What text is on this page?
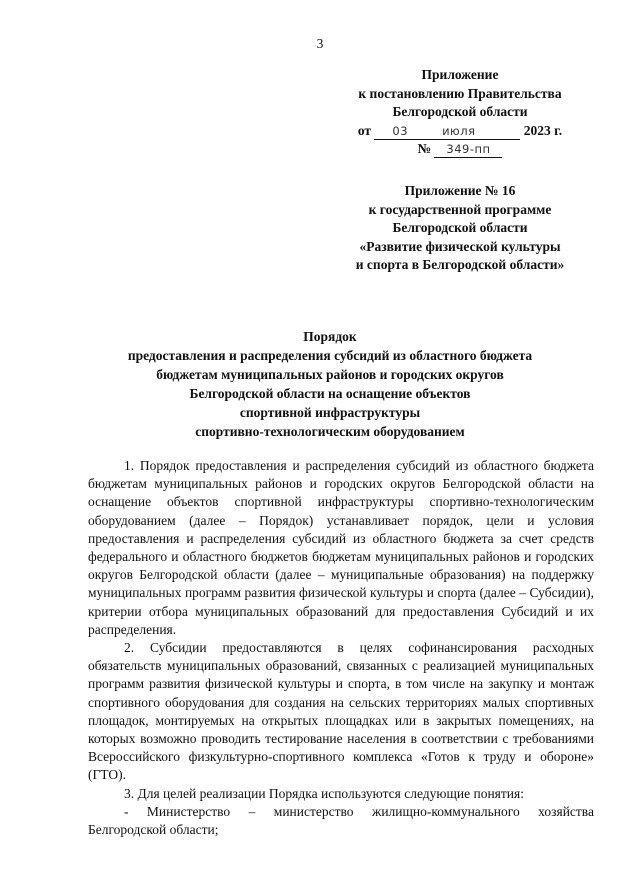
3
Приложение
к постановлению Правительства
Белгородской области
от 03	июля	2023 г.
№ 349-пп
Приложение № 16
к государственной программе
Белгородской области
«Развитие физической культуры
и спорта в Белгородской области»
Порядок
предоставления и распределения субсидий из областного бюджета
бюджетам муниципальных районов и городских округов
Белгородской области на оснащение объектов
спортивной инфраструктуры
спортивно-технологическим оборудованием

1. Порядок предоставления и распределения субсидий из областного бюджета бюджетам муниципальных районов и городских округов Белгородской области на оснащение объектов спортивной инфраструктуры спортивно-технологическим оборудованием (далее – Порядок) устанавливает порядок, цели и условия предоставления и распределения субсидий из областного бюджета за счет средств федерального и областного бюджетов бюджетам муниципальных районов и городских округов Белгородской области (далее – муниципальные образования) на поддержку муниципальных программ развития физической культуры и спорта (далее – Субсидии), критерии отбора муниципальных образований для предоставления Субсидий и их распределения.

2. Субсидии предоставляются в целях софинансирования расходных обязательств муниципальных образований, связанных с реализацией муниципальных программ развития физической культуры и спорта, в том числе на закупку и монтаж спортивного оборудования для создания на сельских территориях малых спортивных площадок, монтируемых на открытых площадках или в закрытых помещениях, на которых возможно проводить тестирование населения в соответствии с требованиями Всероссийского физкультурно-спортивного комплекса «Готов к труду и обороне» (ГТО).

3. Для целей реализации Порядка используются следующие понятия:

- Министерство – министерство жилищно-коммунального хозяйства Белгородской области;
